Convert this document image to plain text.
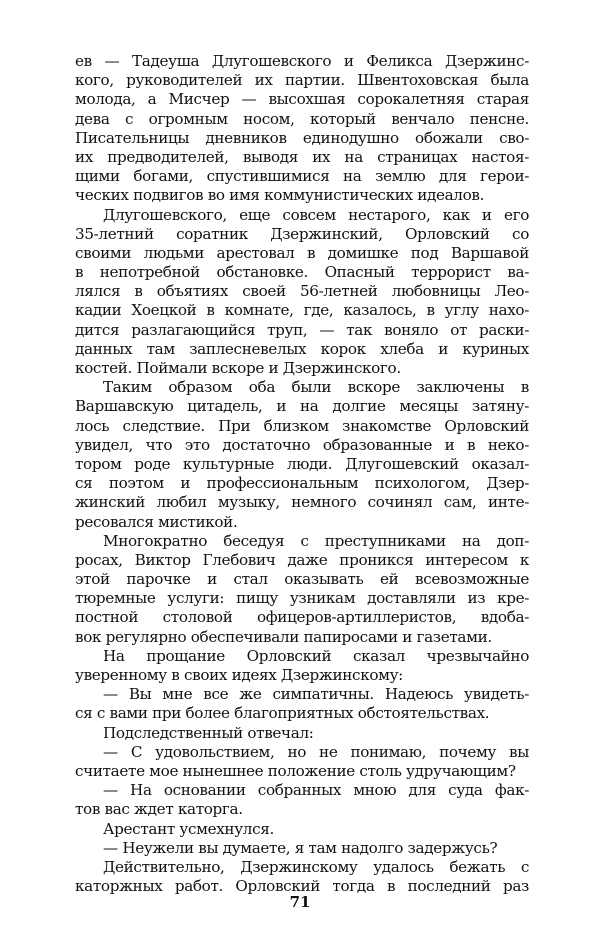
ев — Тадеуша Длугошевского и Феликса Дзержинс-
кого, руководителей их партии. Швентоховская была
молода, а Мисчер — высохшая сорокалетняя старая
дева с огромным носом, который венчало пенсне.
Писательницы дневников единодушно обожали сво-
их предводителей, выводя их на страницах настоя-
щими богами, спустившимися на землю для герои-
ческих подвигов во имя коммунистических идеалов.
Длугошевского, еще совсем нестарого, как и его
35-летний соратник Дзержинский, Орловский со
своими людьми арестовал в домишке под Варшавой
в непотребной обстановке. Опасный террорист ва-
лялся в объятиях своей 56-летней любовницы Лео-
кадии Хоецкой в комнате, где, казалось, в углу нахо-
дится разлагающийся труп, — так воняло от раски-
данных там заплесневелых корок хлеба и куриных
костей. Поймали вскоре и Дзержинского.
Таким образом оба были вскоре заключены в
Варшавскую цитадель, и на долгие месяцы затяну-
лось следствие. При близком знакомстве Орловский
увидел, что это достаточно образованные и в неко-
тором роде культурные люди. Длугошевский оказал-
ся поэтом и профессиональным психологом, Дзер-
жинский любил музыку, немного сочинял сам, инте-
ресовался мистикой.
Многократно беседуя с преступниками на доп-
росах, Виктор Глебович даже проникся интересом к
этой парочке и стал оказывать ей всевозможные
тюремные услуги: пищу узникам доставляли из кре-
постной столовой офицеров-артиллеристов, вдоба-
вок регулярно обеспечивали папиросами и газетами.
На прощание Орловский сказал чрезвычайно
уверенному в своих идеях Дзержинскому:
— Вы мне все же симпатичны. Надеюсь увидеть-
ся с вами при более благоприятных обстоятельствах.
Подследственный отвечал:
— С удовольствием, но не понимаю, почему вы
считаете мое нынешнее положение столь удручающим?
— На основании собранных мною для суда фак-
тов вас ждет каторга.
Арестант усмехнулся.
— Неужели вы думаете, я там надолго задержусь?
Действительно, Дзержинскому удалось бежать с
каторжных работ. Орловский тогда в последний раз
71
